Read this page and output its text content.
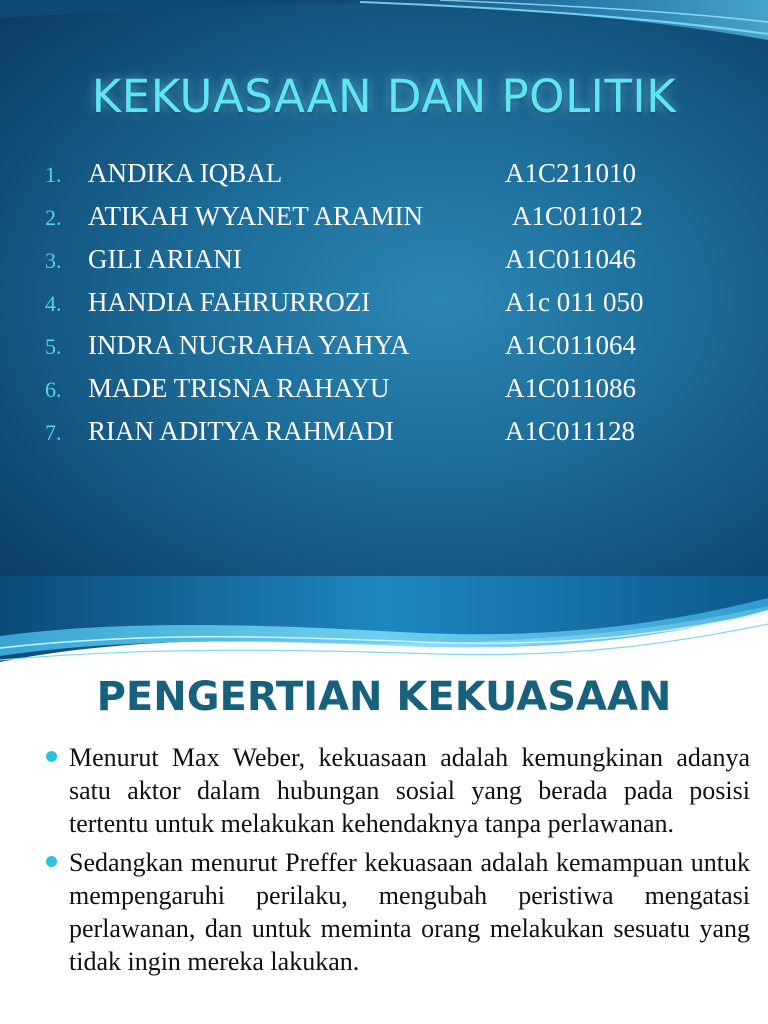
KEKUASAAN DAN POLITIK
1. ANDIKA IQBAL	A1C211010
2. ATIKAH WYANET ARAMIN	A1C011012
3. GILI ARIANI	A1C011046
4. HANDIA FAHRURROZI	A1c 011 050
5. INDRA NUGRAHA YAHYA	A1C011064
6. MADE TRISNA RAHAYU	A1C011086
7. RIAN ADITYA RAHMADI	A1C011128
PENGERTIAN KEKUASAAN
Menurut Max Weber, kekuasaan adalah kemungkinan adanya satu aktor dalam hubungan sosial yang berada pada posisi tertentu untuk melakukan kehendaknya tanpa perlawanan.
Sedangkan menurut Preffer kekuasaan adalah kemampuan untuk mempengaruhi perilaku, mengubah peristiwa mengatasi perlawanan, dan untuk meminta orang melakukan sesuatu yang tidak ingin mereka lakukan.
